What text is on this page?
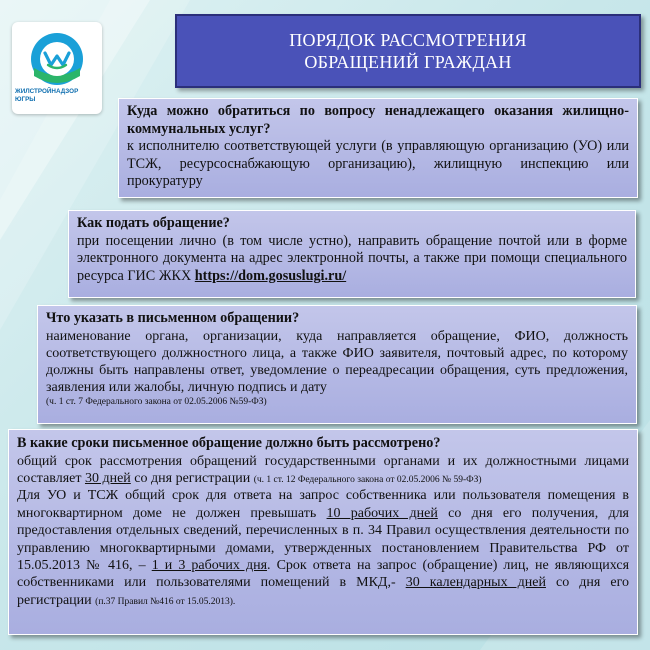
ЖИЛСТРОЙНАДЗОР
ЮГРЫ
ПОРЯДОК РАССМОТРЕНИЯ
ОБРАЩЕНИЙ ГРАЖДАН

Куда можно обратиться по вопросу ненадлежащего оказания жилищно-коммунальных услуг?

к исполнителю соответствующей услуги (в управляющую организацию (УО) или ТСЖ, ресурсоснабжающую организацию), жилищную инспекцию или прокуратуру

Как подать обращение?

при посещении лично (в том числе устно), направить обращение почтой или в форме электронного документа на адрес электронной почты, а также при помощи специального ресурса ГИС ЖКХ https://dom.gosuslugi.ru/

Что указать в письменном обращении?

наименование органа, организации, куда направляется обращение, ФИО, должность соответствующего должностного лица, а также ФИО заявителя, почтовый адрес, по которому должны быть направлены ответ, уведомление о переадресации обращения, суть предложения, заявления или жалобы, личную подпись и дату

(ч. 1 ст. 7 Федерального закона от 02.05.2006 №59-ФЗ)

В какие сроки письменное обращение должно быть рассмотрено?

общий срок рассмотрения обращений государственными органами и их должностными лицами составляет 30 дней со дня регистрации (ч. 1 ст. 12 Федерального закона от 02.05.2006 № 59-ФЗ)

Для УО и ТСЖ общий срок для ответа на запрос собственника или пользователя помещения в многоквартирном доме не должен превышать 10 рабочих дней со дня его получения, для предоставления отдельных сведений, перечисленных в п. 34 Правил осуществления деятельности по управлению многоквартирными домами, утвержденных постановлением Правительства РФ от 15.05.2013 № 416, – 1 и 3 рабочих дня. Срок ответа на запрос (обращение) лиц, не являющихся собственниками или пользователями помещений в МКД,- 30 календарных дней со дня его регистрации (п.37 Правил №416 от 15.05.2013).
